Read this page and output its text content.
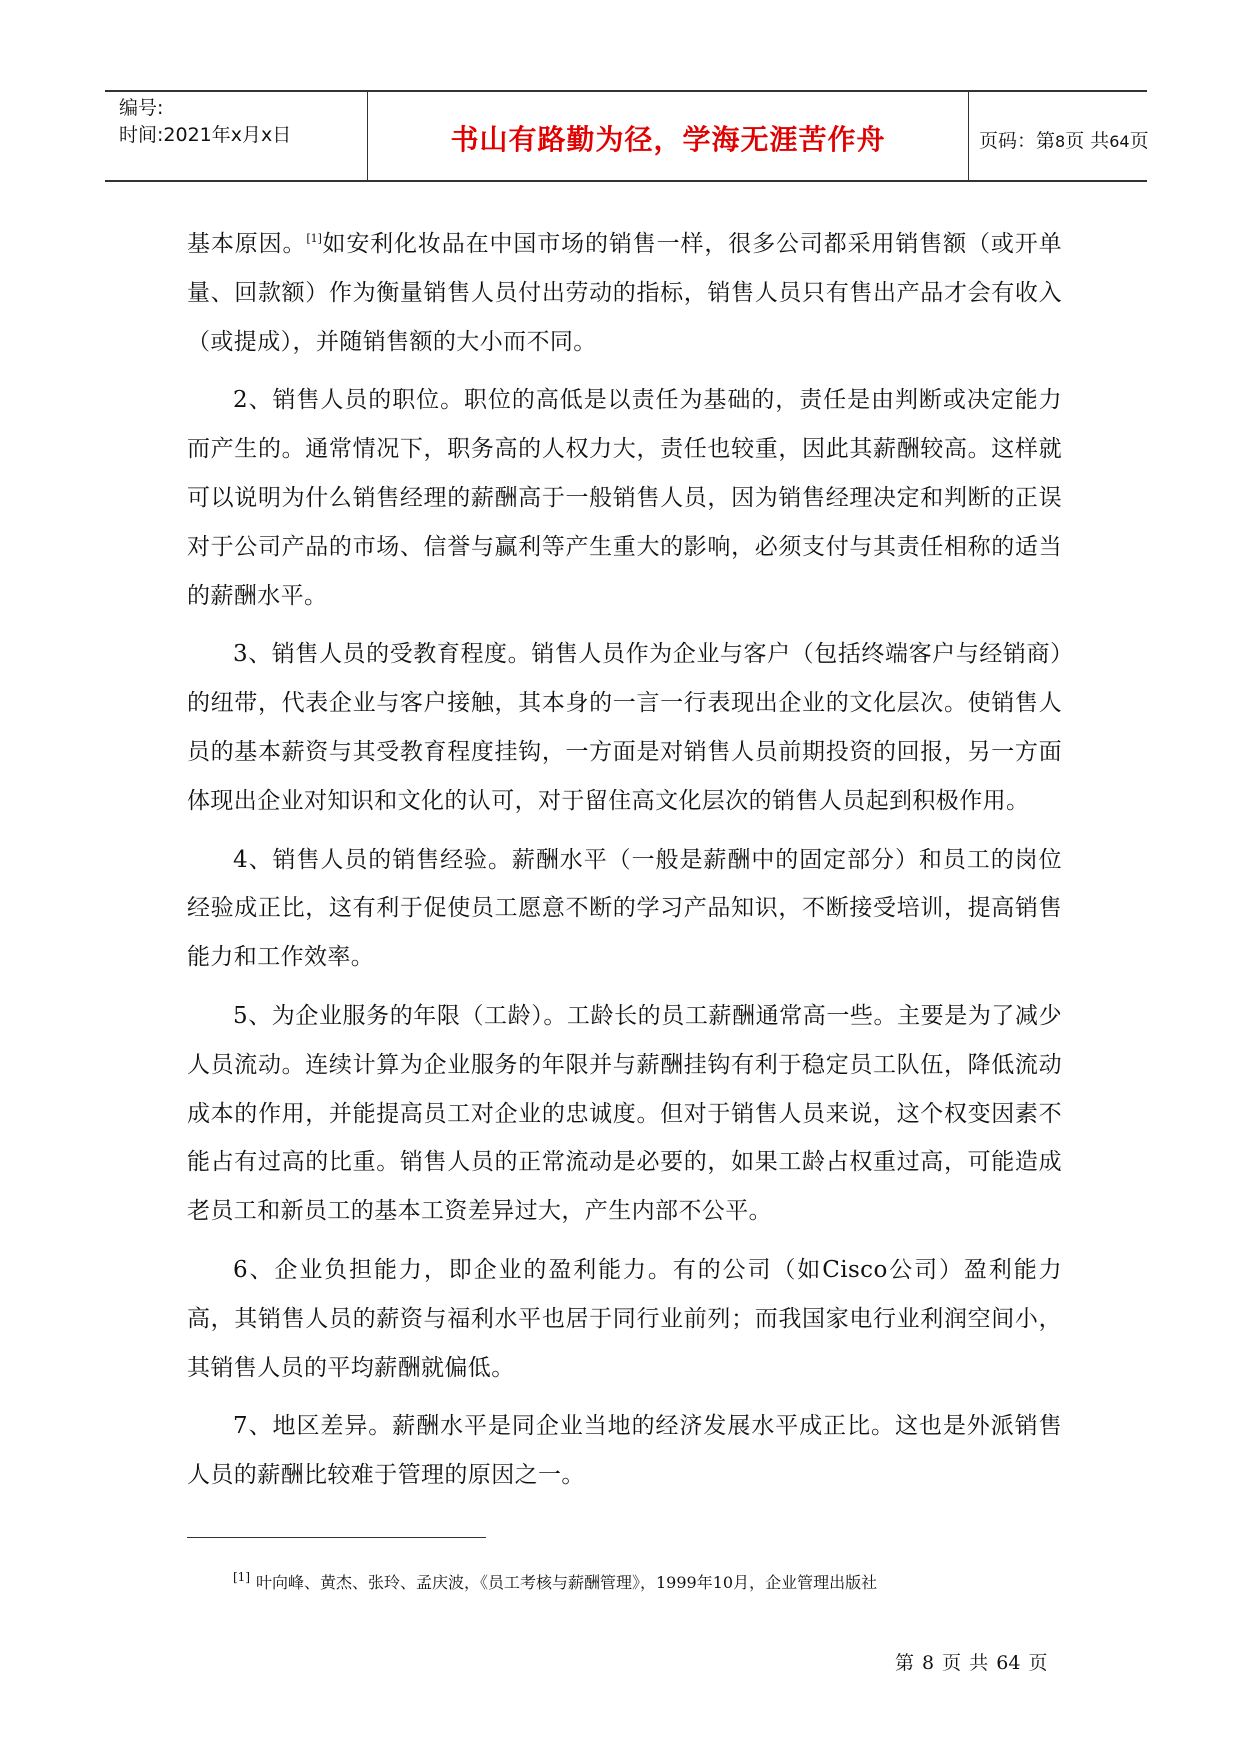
编号:
时间:2021年x月x日	书山有路勤为径，学海无涯苦作舟	页码：第8页 共64页

基本原因。[1]如安利化妆品在中国市场的销售一样，很多公司都采用销售额（或开单量、回款额）作为衡量销售人员付出劳动的指标，销售人员只有售出产品才会有收入（或提成），并随销售额的大小而不同。

2、销售人员的职位。职位的高低是以责任为基础的，责任是由判断或决定能力而产生的。通常情况下，职务高的人权力大，责任也较重，因此其薪酬较高。这样就可以说明为什么销售经理的薪酬高于一般销售人员，因为销售经理决定和判断的正误对于公司产品的市场、信誉与赢利等产生重大的影响，必须支付与其责任相称的适当的薪酬水平。

3、销售人员的受教育程度。销售人员作为企业与客户（包括终端客户与经销商）的纽带，代表企业与客户接触，其本身的一言一行表现出企业的文化层次。使销售人员的基本薪资与其受教育程度挂钩，一方面是对销售人员前期投资的回报，另一方面体现出企业对知识和文化的认可，对于留住高文化层次的销售人员起到积极作用。

4、销售人员的销售经验。薪酬水平（一般是薪酬中的固定部分）和员工的岗位经验成正比，这有利于促使员工愿意不断的学习产品知识，不断接受培训，提高销售能力和工作效率。

5、为企业服务的年限（工龄）。工龄长的员工薪酬通常高一些。主要是为了减少人员流动。连续计算为企业服务的年限并与薪酬挂钩有利于稳定员工队伍，降低流动成本的作用，并能提高员工对企业的忠诚度。但对于销售人员来说，这个权变因素不能占有过高的比重。销售人员的正常流动是必要的，如果工龄占权重过高，可能造成老员工和新员工的基本工资差异过大，产生内部不公平。

6、企业负担能力，即企业的盈利能力。有的公司（如Cisco公司）盈利能力高，其销售人员的薪资与福利水平也居于同行业前列；而我国家电行业利润空间小，其销售人员的平均薪酬就偏低。

7、地区差异。薪酬水平是同企业当地的经济发展水平成正比。这也是外派销售人员的薪酬比较难于管理的原因之一。

[1] 叶向峰、黄杰、张玲、孟庆波，《员工考核与薪酬管理》，1999年10月，企业管理出版社
第 8 页 共 64 页
